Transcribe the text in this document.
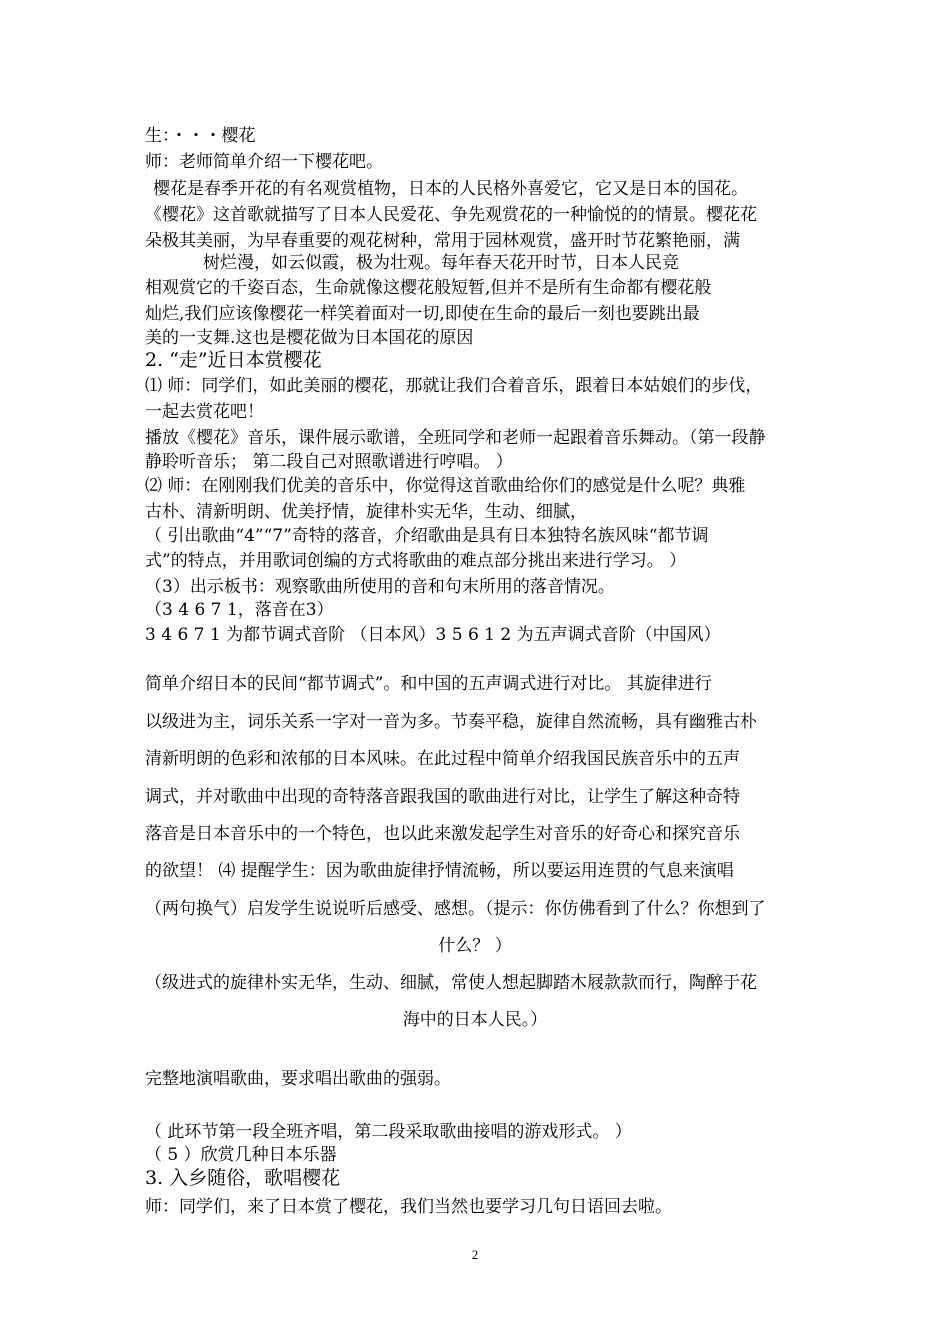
生：・・・樱花
师：老师简单介绍一下樱花吧。
樱花是春季开花的有名观赏植物，日本的人民格外喜爱它，它又是日本的国花。
《樱花》这首歌就描写了日本人民爱花、争先观赏花的一种愉悦的的情景。樱花花
朵极其美丽，为早春重要的观花树种，常用于园林观赏，盛开时节花繁艳丽，满
树烂漫，如云似霞，极为壮观。每年春天花开时节，日本人民竞
相观赏它的千姿百态，生命就像这樱花般短暂,但并不是所有生命都有樱花般
灿烂,我们应该像樱花一样笑着面对一切,即使在生命的最后一刻也要跳出最
美的一支舞.这也是樱花做为日本国花的原因
2. “走”近日本赏樱花
⑴ 师：同学们，如此美丽的樱花，那就让我们合着音乐，跟着日本姑娘们的步伐，
一起去赏花吧！
播放《樱花》音乐，课件展示歌谱，全班同学和老师一起跟着音乐舞动。（第一段静
静聆听音乐； 第二段自己对照歌谱进行哼唱。 ）
⑵ 师：在刚刚我们优美的音乐中，你觉得这首歌曲给你们的感觉是什么呢？典雅
古朴、清新明朗、优美抒情，旋律朴实无华，生动、细腻，
（ 引出歌曲“4”“7”奇特的落音，介绍歌曲是具有日本独特名族风味“都节调
式”的特点，并用歌词创编的方式将歌曲的难点部分挑出来进行学习。 ）
（3）出示板书：观察歌曲所使用的音和句末所用的落音情况。
（3 4 6 7 1，落音在3）
3 4 6 7 1 为都节调式音阶 （日本风）3 5 6 1 2 为五声调式音阶（中国风）
简单介绍日本的民间“都节调式”。和中国的五声调式进行对比。 其旋律进行
以级进为主，词乐关系一字对一音为多。节奏平稳，旋律自然流畅，具有幽雅古朴
清新明朗的色彩和浓郁的日本风味。在此过程中简单介绍我国民族音乐中的五声
调式，并对歌曲中出现的奇特落音跟我国的歌曲进行对比，让学生了解这种奇特
落音是日本音乐中的一个特色，也以此来激发起学生对音乐的好奇心和探究音乐
的欲望！ ⑷ 提醒学生：因为歌曲旋律抒情流畅，所以要运用连贯的气息来演唱
（两句换气）启发学生说说听后感受、感想。（提示：你仿佛看到了什么？你想到了
什么？ ）
（级进式的旋律朴实无华，生动、细腻，常使人想起脚踏木屐款款而行，陶醉于花
海中的日本人民。）
完整地演唱歌曲，要求唱出歌曲的强弱。
（ 此环节第一段全班齐唱，第二段采取歌曲接唱的游戏形式。 ）
（ 5 ）欣赏几种日本乐器
3. 入乡随俗，歌唱樱花
师：同学们，来了日本赏了樱花，我们当然也要学习几句日语回去啦。
2
